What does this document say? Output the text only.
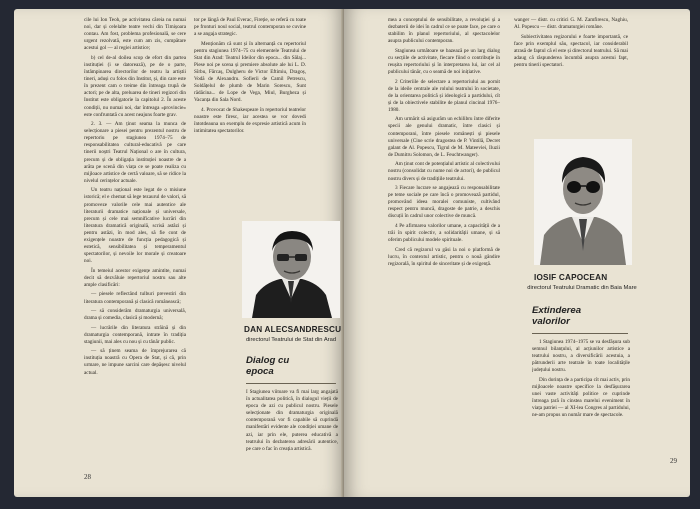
cile lui Ion Teoh, pe activitatea căreia nu numai noi, dar și celelalte teatre vechi din Timișoara contau. Am fost, problema profesională, se cere urgent rezolvată, este cum am zis, cumpătare acestui gol — al regiei artistice;

b) cel de-al doilea scop de efort din partea instituției (i se datorează), pe de o parte, întâmpinarea directorilor de teatru la artiștii tineri, aduși cu folos din Institut, și, din care este în prezent cam o treime din întreaga trupă de actori; pe de alta, preluarea de tineri regizori din Institut este obligatorie la capitolul 2. În aceste condiții, nu numai noi, dar întreaga «provincie» este confruntată cu acest neajuns foarte grav.

2. 3. — Am ținut seama la munca de selecționare a piesei pentru prezentul nostru de repertoriu pe stagiunea 1974–75 de responsabilitatea cultural-educativă pe care tinerii noștri Teatrul Național o are în cultura, precum și de obligația instituției noastre de a arăta pe scenă din viața ce se poate realiza cu mijloace artistice de certă valoare, să se ridice la nivelul cerințelor actuale.

Un teatru național este legat de o misiune istorică; el e chemat să lege tezaurul de valori, să promoveze valorile cele mai autentice ale literaturii dramatice naționale și universale, precum și cele mai semnificative lucrări din literatura dramatică originală, scrisă astăzi și pentru astăzi, în mod ales, să fie cont de exigențele noastre de funcția pedagogică și estetică, sensibilitatea și temperamentul spectatorilor, și nevoile lor morale și creatoare noi.

În temeiul acestor exigențe amintite, numai decit să dezvăluie repertoriul nostru sau alte ample clasificări:

— piesele reflectând tulburi prevestiri din literatura contemporană și clasică românească;

— să considerăm dramaturgia universală, drama și comedia, clasică și modernă;

— lucrările din literatura străină și din dramaturgia contemporană, intrate în tradiția stagiunii, mai ales cu nou și cu tânăr public.

— să ținem seama de împrejurarea că instituția noastră cu Opera de Stat, și că, prin urmare, ne impune sarcini care depășesc nivelul actual.

tor pe lângă de Paul Everac, Fireție, se referă cu toate pe fronturi noul social, teatrul contemporan se cuvine a se angaja strategic.

Menționăm că sunt și în alternanță cu repertoriul pentru stagiunea 1974–75 cu elementele Teatrului de Stat din Arad: Teatrul Ideilor din epoca... din Sălaj... Piese noi pe scena și premiere absolute ale lui L. D. Sîrbu, Fărcaș, Dulgheru de Victor Eftimiu, Dragoș, Vodă de Alexandru. Sofierii de Camil Petrescu, Soldățelul de plumb de Marin Sorescu, Sunt rădăcina... de Lope de Vega, Miul, Burgheza și Vacanța din Sala Nord.

4. Provocat de Shakespeare în repertoriul teatrelor noastre este firesc, iar acestea se vor dovedi întotdeauna un exemplu de expresie artistică acum în intimitatea spectatorilor.

DAN ALECSANDRESCU
directorul Teatrului de Stat din Arad
Dialog cu epoca

I Stagiunea viitoare va fi mai larg angajată în actualitatea politică, în dialogul vieții de epoca de azi cu publicul nostru. Piesele selecționate din dramaturgia originală contemporană vor fi capabile să cuprindă manifestări evidente ale condiției umane de azi, iar prin ele, puterea educativă a teatrului în dezbaterea adresării autentice, pe care o fac în creația artistică.

28

mea a conceptului de sensibilitate, a revoluției și a dezbaterii de idei în cadrul ce se poate face, pe care o stabilim în planul repertoriului, al spectacolelor asupra publicului contemporan.

Stagiunea următoare se bazează pe un larg dialog cu secțiile de activitate, fiecare fiind o contribuție în reușita repertoriului și în interpretarea lui, iar cel al publicului tânăr, cu o seamă de noi inițiative.

2 Criteriile de selectare a repertoriului au pornit de la ideile centrale ale rolului teatrului în societate, de la orientarea politică și ideologică a partidului, cît și de la obiectivele stabilite de planul cincinal 1976–1980.

Am urmărit să asigurăm un echilibru între diferite specii ale genului dramatic, între clasici și contemporani, între piesele românești și piesele universale (Cine scrie dragostea de P. Vintilă, Decret galant de Al. Popescu, Tigrul de M. Mateeviei, Iluzii de Dumitru Solomon, de L. Feuchtwanger).

Am ținut cont de potențialul artistic al colectivului nostru (consolidat cu nume noi de actori), de publicul nostru divers și de tradițiile teatrului.

3 Fiecare lucrare se angajează cu responsabilitate pe teme sociale pe care încă o promovează partidul, promovând ideea moralei comuniste, cultivând respect pentru muncă, dragoste de patrie, a deschis discuții în cadrul unor colective de muncă.

4 Pe afirmarea valorilor umane, a capacității de a trăi în spirit colectiv, a solidarității umane, și să oferim publicului modele spirituale.

Cred că regizorul va găsi la noi o platformă de lucru, în contextul artistic, pentru o nouă gândire regizorală, în spiritul de sinceritate și de exigență.

wanger — distr. cu critici G. M. Zamfirescu, Naghiu, Al. Popescu — distr. dramaturgiei române.

Subiectivitatea regizorului e foarte importantă, ce face prin exemplul său, spectacol, iar considerabil atrasă de faptul că el este și directorul teatrului. Să mai adaug că răspunderea încumbă asupra acestui fapt, pentru tinerii spectatori.

IOSIF CAPOCEAN
directorul Teatrului Dramatic din Baia Mare
Extinderea valorilor

1 Stagiunea 1974–1975 se va desfășura sub semnul bilanțului, al acțiunilor artistice a teatrului nostru, a diversificării acestuia, a pătrunderii arte teatrale în toate localitățile județului nostru.

Din dorința de a participa cît mai activ, prin mijloacele noastre specifice la desfășurarea unei vaste activități politice ce cuprinde întreaga țară în cinstea marelui eveniment în viața patriei — al XI-lea Congres al partidului, ne-am propus un număr mare de spectacole.

29
